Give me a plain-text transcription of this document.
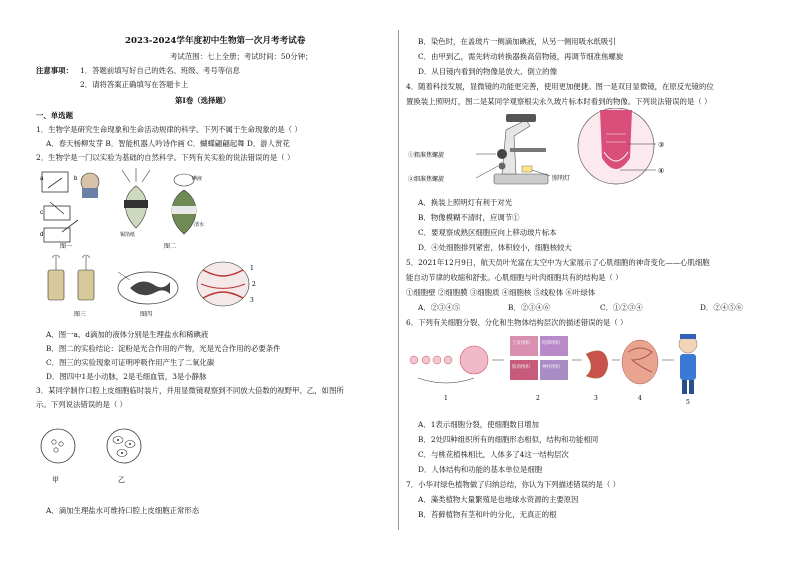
2023-2024学年度初中生物第一次月考考试卷
考试范围：七上全册；考试时间：50分钟；
注意事项： 1．答题前填写好自己的姓名、班级、考号等信息
2．请将答案正确填写在答题卡上
第Ⅰ卷（选择题）
一、单选题
1．生物学是研究生命现象和生命活动规律的科学。下列不属于生命现象的是（ ）
A．春天杨柳发芽 B．智能机器人吟诗作画 C．蝴蝶翩翩起舞 D．游人赏花
2．生物学是一门以实验为基础的自然科学。下列有关实验的说法错误的是（ ）
a	b
c
d
图一
锡箔纸
碘液
清水
图二
图三	图四
1
2
3
A．图一a、d滴加的液体分别是生理盐水和稀碘液
B．图二的实验结论：淀粉是光合作用的产物，光是光合作用的必要条件
C．图三的实验现象可证明呼吸作用产生了二氧化碳
D．图四中1是小动脉，2是毛细血管，3是小静脉
3．某同学制作口腔上皮细胞临时装片，并用显微镜观察到不同放大倍数的视野甲、乙，如图所
示。下列说法错误的是（ ）
甲	乙
A．滴加生理盐水可维持口腔上皮细胞正常形态
B．染色时，在盖玻片一侧滴加碘液，从另一侧用吸水纸吸引
C．由甲到乙，需先转动转换器换高倍物镜，再调节细准焦螺旋
D．从目镜内看到的物像是放大、倒立的像
4．随着科技发展，显微镜的功能更完善，使用更加便捷。图一是双目显微镜，在原反光镜的位
置换装上照明灯，图二是某同学观察根尖永久玻片标本时看到的物像。下列说法错误的是（ ）
①粗准焦螺旋
②细准焦螺旋	照明灯
③
④
A．换装上照明灯有利于对光
B．物像模糊不清时，应调节①
C．要观察成熟区细胞应向上移动玻片标本
D．④处细胞排列紧密，体积较小，细胞核较大
5．2021年12月9日，航天员叶光富在太空中为大家展示了心肌细胞的神奇变化——心肌细胞
能自动节律的收缩和舒张。心肌细胞与叶肉细胞共有的结构是（ ）
①细胞壁 ②细胞膜 ③细胞质 ④细胞核 ⑤线粒体 ⑥叶绿体
A．②③④⑤	B．②③④⑥	C．①②③④	D．②④⑤⑥
6．下列有关细胞分裂、分化和生物体结构层次的描述错误的是（ ）
1
上皮组织	结缔组织
肌肉组织	神经组织
2	3	4
5
A．1表示细胞分裂，使细胞数目增加
B．2处四种组织所有的细胞形态相似，结构和功能相同
C．与桃花植株相比，人体多了4这一结构层次
D．人体结构和功能的基本单位是细胞
7．小华对绿色植物做了归纳总结，你认为下列描述错误的是（ ）
A．藻类植物大量繁殖是也地球水资源的主要原因
B．苔藓植物有茎和叶的分化，无真正的根
